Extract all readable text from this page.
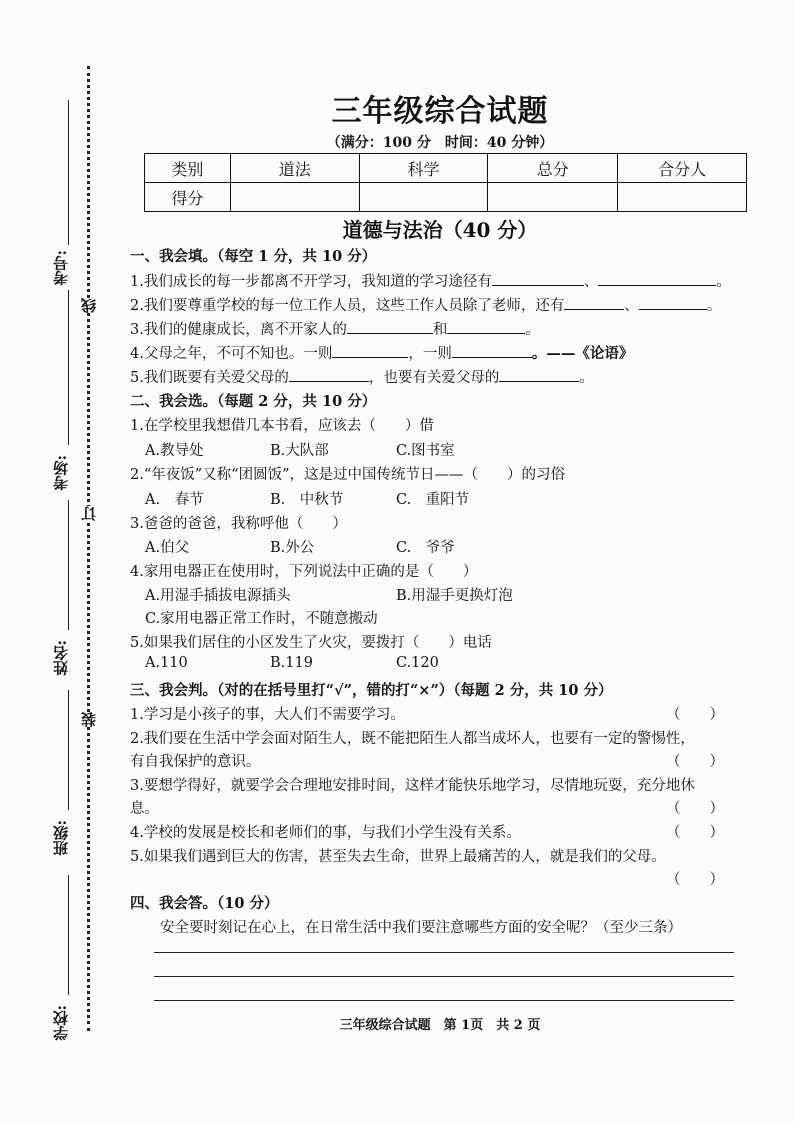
考号:
考场:
姓名:
班级:
学校:
线
订
装
三年级综合试题
（满分：100 分　时间：40 分钟）
类别	道法	科学	总分	合分人
得分				
道德与法治（40 分）
一、我会填。（每空 1 分，共 10 分）
1.我们成长的每一步都离不开学习，我知道的学习途径有	、	。
2.我们要尊重学校的每一位工作人员，这些工作人员除了老师，还有	、	。
3.我们的健康成长，离不开家人的	和	。
4.父母之年，不可不知也。一则	，一则	。——《论语》
5.我们既要有关爱父母的	，也要有关爱父母的	。
二、我会选。（每题 2 分，共 10 分）
1.在学校里我想借几本书看，应该去（　　）借
A.教导处	B.大队部	C.图书室
2.“年夜饭”又称“团圆饭”，这是过中国传统节日——（　　）的习俗
A.　春节	B.　中秋节	C.　重阳节
3.爸爸的爸爸，我称呼他（　　）
A.伯父	B.外公	C.　爷爷
4.家用电器正在使用时，下列说法中正确的是（　　）
A.用湿手插拔电源插头	B.用湿手更换灯泡
C.家用电器正常工作时，不随意搬动
5.如果我们居住的小区发生了火灾，要拨打（　　）电话
A.110	B.119	C.120
三、我会判。（对的在括号里打“√”，错的打“×”）（每题 2 分，共 10 分）
1.学习是小孩子的事，大人们不需要学习。	（　　）
2.我们要在生活中学会面对陌生人，既不能把陌生人都当成坏人，也要有一定的警惕性，
有自我保护的意识。	（　　）
3.要想学得好，就要学会合理地安排时间，这样才能快乐地学习，尽情地玩耍，充分地休
息。	（　　）
4.学校的发展是校长和老师们的事，与我们小学生没有关系。	（　　）
5.如果我们遇到巨大的伤害，甚至失去生命，世界上最痛苦的人，就是我们的父母。
（　　）
四、我会答。（10 分）
安全要时刻记在心上，在日常生活中我们要注意哪些方面的安全呢？（至少三条）
三年级综合试题　第 1页　共 2 页
